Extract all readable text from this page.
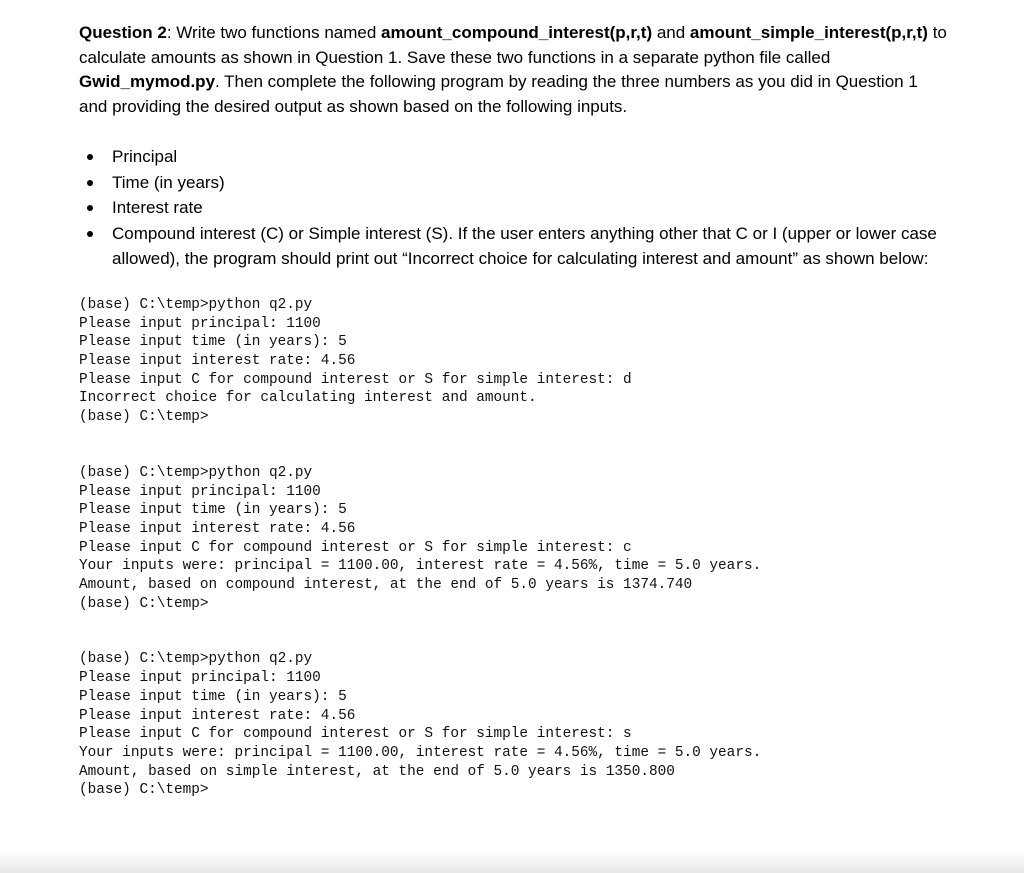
Question 2: Write two functions named amount_compound_interest(p,r,t) and amount_simple_interest(p,r,t) to calculate amounts as shown in Question 1. Save these two functions in a separate python file called Gwid_mymod.py. Then complete the following program by reading the three numbers as you did in Question 1 and providing the desired output as shown based on the following inputs.

Principal
Time (in years)
Interest rate
Compound interest (C) or Simple interest (S). If the user enters anything other that C or I (upper or lower case allowed), the program should print out “Incorrect choice for calculating interest and amount” as shown below:
(base) C:\temp>python q2.py
Please input principal: 1100
Please input time (in years): 5
Please input interest rate: 4.56
Please input C for compound interest or S for simple interest: d
Incorrect choice for calculating interest and amount.
(base) C:\temp>
(base) C:\temp>python q2.py
Please input principal: 1100
Please input time (in years): 5
Please input interest rate: 4.56
Please input C for compound interest or S for simple interest: c
Your inputs were: principal = 1100.00, interest rate = 4.56%, time = 5.0 years.
Amount, based on compound interest, at the end of 5.0 years is 1374.740
(base) C:\temp>
(base) C:\temp>python q2.py
Please input principal: 1100
Please input time (in years): 5
Please input interest rate: 4.56
Please input C for compound interest or S for simple interest: s
Your inputs were: principal = 1100.00, interest rate = 4.56%, time = 5.0 years.
Amount, based on simple interest, at the end of 5.0 years is 1350.800
(base) C:\temp>
